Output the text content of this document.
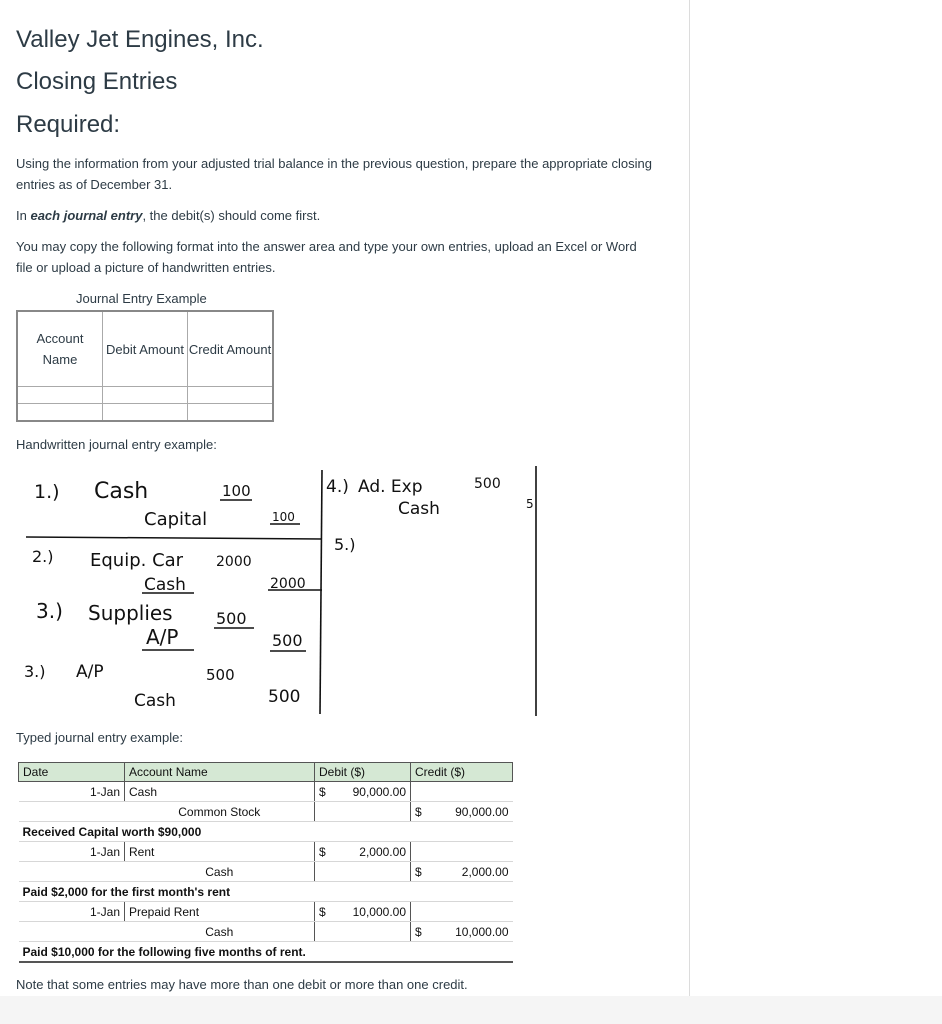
Valley Jet Engines, Inc.
Closing Entries
Required:

Using the information from your adjusted trial balance in the previous question, prepare the appropriate closing entries as of December 31.

In each journal entry, the debit(s) should come first.

You may copy the following format into the answer area and type your own entries, upload an Excel or Word file or upload a picture of handwritten entries.

Journal Entry Example
Account Name	Debit Amount	Credit Amount

Handwritten journal entry example:

Typed journal entry example:

Note that some entries may have more than one debit or more than one credit.

1.) Cash	100
Capital	100
2.) Equip. Car 2000
Cash	2000
3.) Supplies	500
A/P	500
3.) A/P	500
Cash	500
4.) Ad. Exp	500
Cash	5
5.)
Date	Account Name	Debit ($)	Credit ($)
1-Jan	Cash	$ 90,000.00	

	Common Stock		$ 90,000.00

Received Capital worth $90,000			
1-Jan	Rent	$ 2,000.00	

	Cash		$ 2,000.00

Paid $2,000 for the first month's rent			
1-Jan	Prepaid Rent	$ 10,000.00	

	Cash		$ 10,000.00

Paid $10,000 for the following five months of rent.			
